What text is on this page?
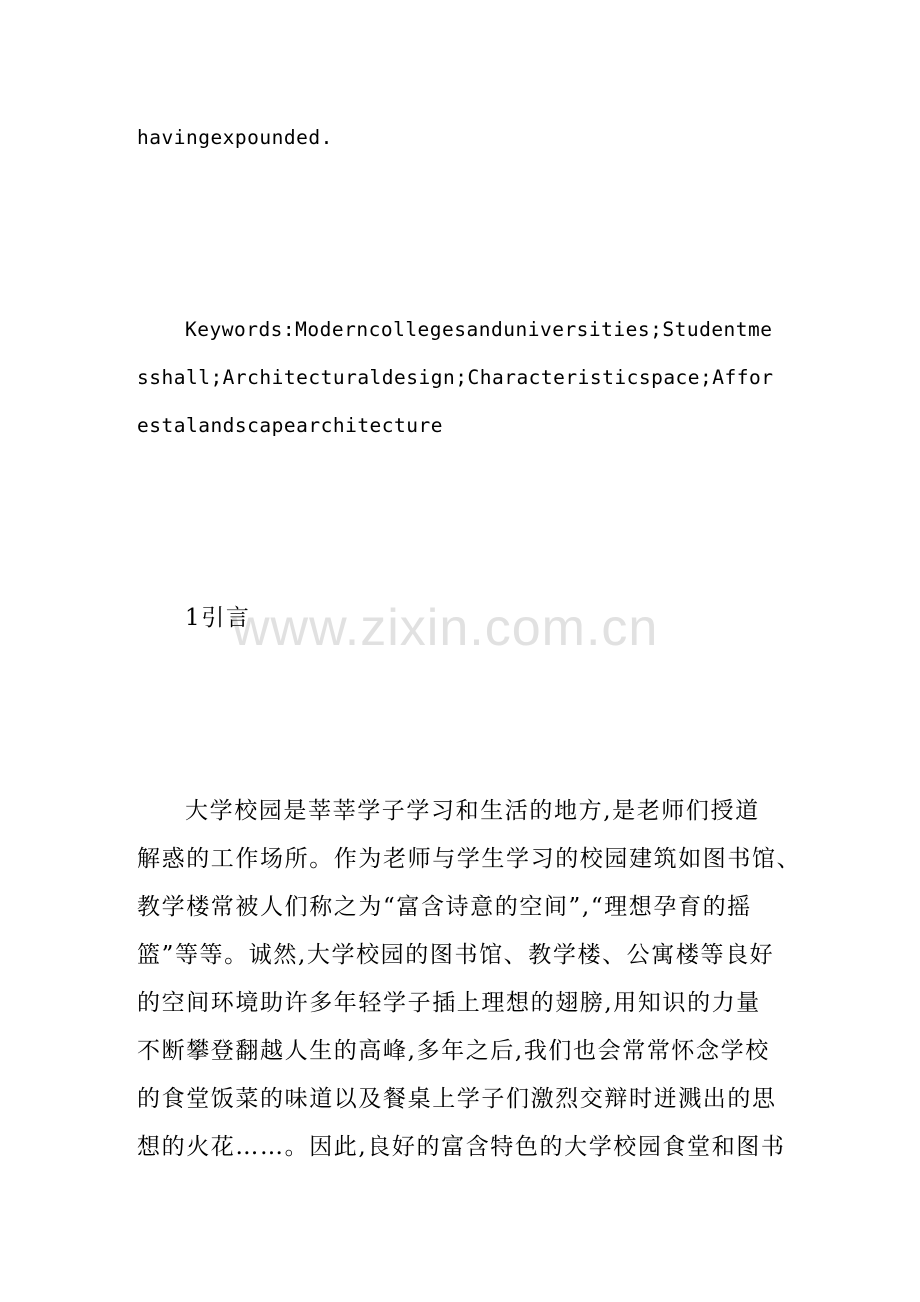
www.zixin.com.cn
havingexpounded.
Keywords:Moderncollegesanduniversities;Studentme
sshall;Architecturaldesign;Characteristicspace;Affor
estalandscapearchitecture
1引言
大学校园是莘莘学子学习和生活的地方,是老师们授道
解惑的工作场所。作为老师与学生学习的校园建筑如图书馆、
教学楼常被人们称之为“富含诗意的空间”,“理想孕育的摇
篮”等等。诚然,大学校园的图书馆、教学楼、公寓楼等良好
的空间环境助许多年轻学子插上理想的翅膀,用知识的力量
不断攀登翻越人生的高峰,多年之后,我们也会常常怀念学校
的食堂饭菜的味道以及餐桌上学子们激烈交辩时迸溅出的思
想的火花……。因此,良好的富含特色的大学校园食堂和图书
